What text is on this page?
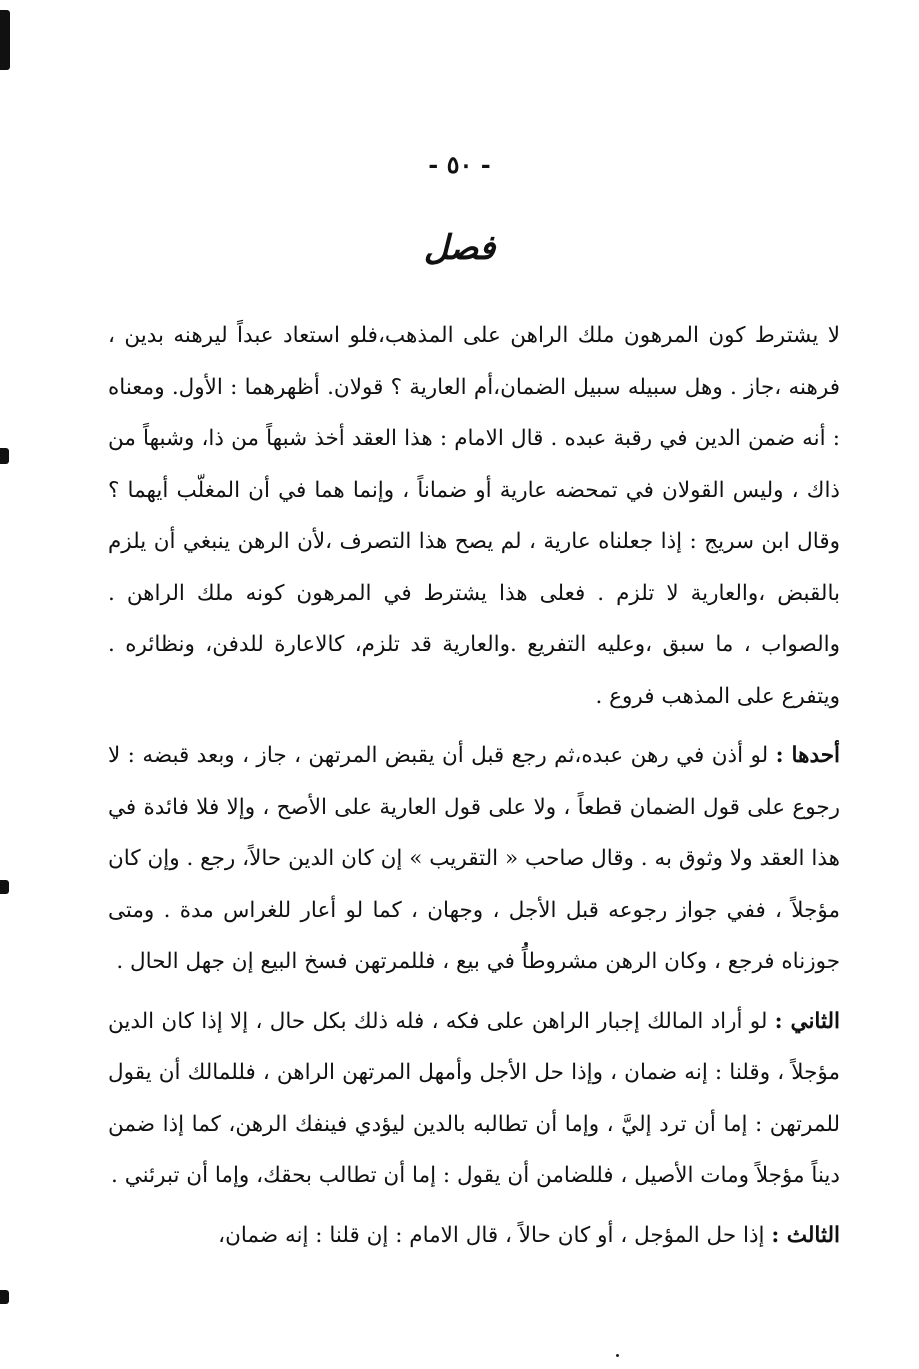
- ٥٠ -
فصل

لا يشترط كون المرهون ملك الراهن على المذهب،فلو استعاد عبداً ليرهنه بدين ، فرهنه ،جاز . وهل سبيله سبيل الضمان،أم العارية ؟ قولان. أظهرهما : الأول. ومعناه : أنه ضمن الدين في رقبة عبده . قال الامام : هذا العقد أخذ شبهاً من ذا، وشبهاً من ذاك ، وليس القولان في تمحضه عارية أو ضماناً ، وإنما هما في أن المغلّب أيهما ؟ وقال ابن سريج : إذا جعلناه عارية ، لم يصح هذا التصرف ،لأن الرهن ينبغي أن يلزم بالقبض ،والعارية لا تلزم . فعلى هذا يشترط في المرهون كونه ملك الراهن . والصواب ، ما سبق ،وعليه التفريع .والعارية قد تلزم، كالاعارة للدفن، ونظائره . ويتفرع على المذهب فروع .

أحدها : لو أذن في رهن عبده،ثم رجع قبل أن يقبض المرتهن ، جاز ، وبعد قبضه : لا رجوع على قول الضمان قطعاً ، ولا على قول العارية على الأصح ، وإلا فلا فائدة في هذا العقد ولا وثوق به . وقال صاحب « التقريب » إن كان الدين حالاً، رجع . وإن كان مؤجلاً ، ففي جواز رجوعه قبل الأجل ، وجهان ، كما لو أعار للغراس مدة . ومتى جوزناه فرجع ، وكان الرهن مشروطاً في بيع ، فللمرتهن فسخ البيع إن جهل الحال .

الثاني : لو أراد المالك إجبار الراهن على فكه ، فله ذلك بكل حال ، إلا إذا كان الدين مؤجلاً ، وقلنا : إنه ضمان ، وإذا حل الأجل وأمهل المرتهن الراهن ، فللمالك أن يقول للمرتهن : إما أن ترد إليَّ ، وإما أن تطالبه بالدين ليؤدي فينفك الرهن، كما إذا ضمن ديناً مؤجلاً ومات الأصيل ، فللضامن أن يقول : إما أن تطالب بحقك، وإما أن تبرئني .

الثالث : إذا حل المؤجل ، أو كان حالاً ، قال الامام : إن قلنا : إنه ضمان،
